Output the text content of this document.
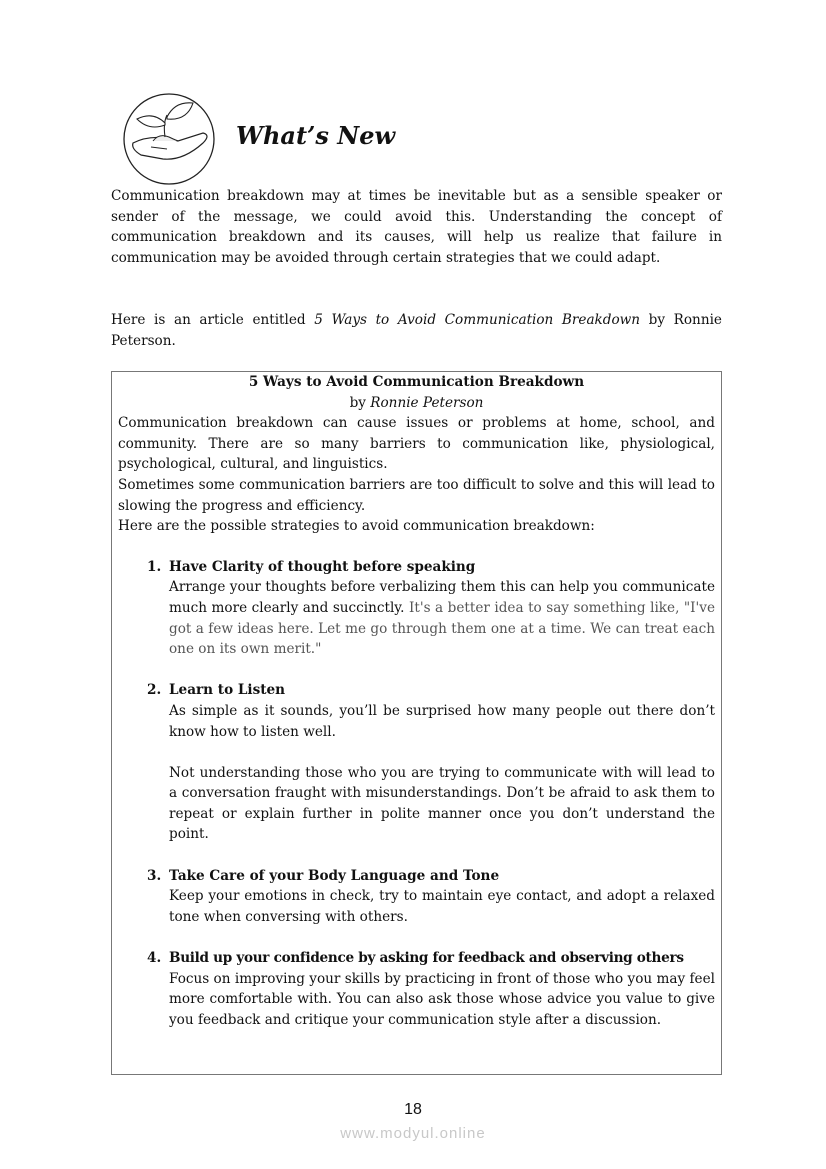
What’s New
Communication breakdown may at times be inevitable but as a sensible speaker or sender of the message, we could avoid this. Understanding the concept of communication breakdown and its causes, will help us realize that failure in communication may be avoided through certain strategies that we could adapt.
Here is an article entitled 5 Ways to Avoid Communication Breakdown by Ronnie Peterson.
5 Ways to Avoid Communication Breakdown
by Ronnie Peterson

Communication breakdown can cause issues or problems at home, school, and community. There are so many barriers to communication like, physiological, psychological, cultural, and linguistics.

Sometimes some communication barriers are too difficult to solve and this will lead to slowing the progress and efficiency.

Here are the possible strategies to avoid communication breakdown:

1. Have Clarity of thought before speaking

Arrange your thoughts before verbalizing them this can help you communicate much more clearly and succinctly. It's a better idea to say something like, "I've got a few ideas here. Let me go through them one at a time. We can treat each one on its own merit."

2. Learn to Listen

As simple as it sounds, you’ll be surprised how many people out there don’t know how to listen well.

Not understanding those who you are trying to communicate with will lead to a conversation fraught with misunderstandings. Don’t be afraid to ask them to repeat or explain further in polite manner once you don’t understand the point.

3. Take Care of your Body Language and Tone

Keep your emotions in check, try to maintain eye contact, and adopt a relaxed tone when conversing with others.

4. Build up your confidence by asking for feedback and observing others

Focus on improving your skills by practicing in front of those who you may feel more comfortable with. You can also ask those whose advice you value to give you feedback and critique your communication style after a discussion.

18
www.modyul.online
